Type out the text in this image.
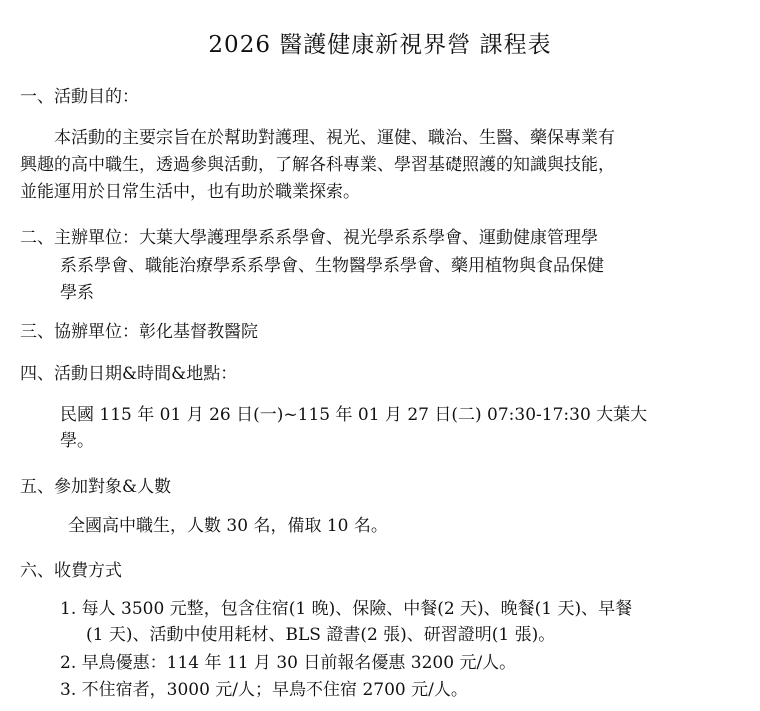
2026 醫護健康新視界營 課程表
一、活動目的：
　　本活動的主要宗旨在於幫助對護理、視光、運健、職治、生醫、藥保專業有
興趣的高中職生，透過參與活動，了解各科專業、學習基礎照護的知識與技能，
並能運用於日常生活中，也有助於職業探索。
二、主辦單位：大葉大學護理學系系學會、視光學系系學會、運動健康管理學
系系學會、職能治療學系系學會、生物醫學系學會、藥用植物與食品保健
學系
三、協辦單位：彰化基督教醫院
四、活動日期&時間&地點：
民國 115 年 01 月 26 日(一)~115 年 01 月 27 日(二) 07:30-17:30 大葉大
學。
五、參加對象&人數
全國高中職生，人數 30 名，備取 10 名。
六、收費方式
1. 每人 3500 元整，包含住宿(1 晚)、保險、中餐(2 天)、晚餐(1 天)、早餐
(1 天)、活動中使用耗材、BLS 證書(2 張)、研習證明(1 張)。
2. 早鳥優惠：114 年 11 月 30 日前報名優惠 3200 元/人。
3. 不住宿者，3000 元/人；早鳥不住宿 2700 元/人。
